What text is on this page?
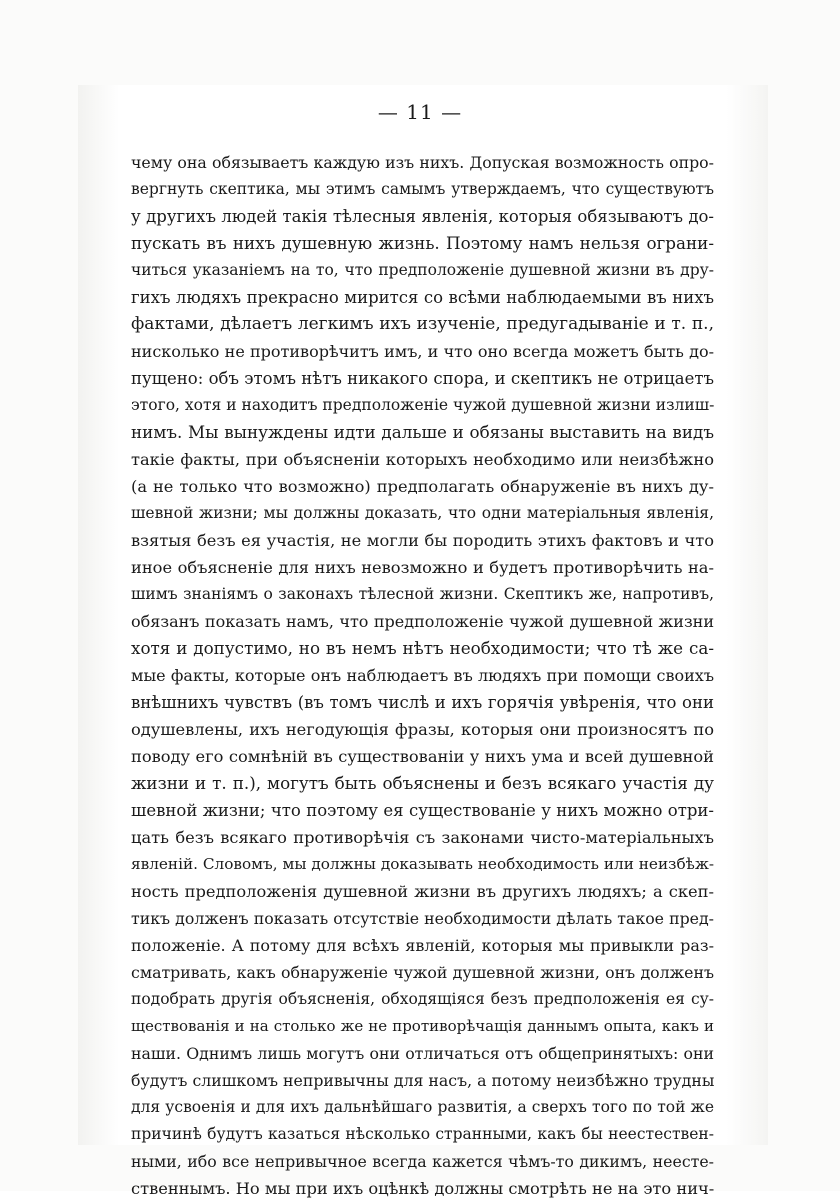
— 11 —
чему она обязываетъ каждую изъ нихъ. Допуская возможность опро-
вергнуть скептика, мы этимъ самымъ утверждаемъ, что существуютъ
у другихъ людей такiя тѣлесныя явленiя, которыя обязываютъ до-
пускать въ нихъ душевную жизнь. Поэтому намъ нельзя ограни-
читься указанiемъ на то, что предположенiе душевной жизни въ дру-
гихъ людяхъ прекрасно мирится со всѣми наблюдаемыми въ нихъ
фактами, дѣлаетъ легкимъ ихъ изученiе, предугадыванiе и т. п.,
нисколько не противорѣчитъ имъ, и что оно всегда можетъ быть до-
пущено: объ этомъ нѣтъ никакого спора, и скептикъ не отрицаетъ
этого, хотя и находитъ предположенiе чужой душевной жизни излиш-
нимъ. Мы вынуждены идти дальше и обязаны выставить на видъ
такiе факты, при объясненiи которыхъ необходимо или неизбѣжно
(а не только что возможно) предполагать обнаруженiе въ нихъ ду-
шевной жизни; мы должны доказать, что одни матерiальныя явленiя,
взятыя безъ ея участiя, не могли бы породить этихъ фактовъ и что
иное объясненiе для нихъ невозможно и будетъ противорѣчить на-
шимъ знанiямъ о законахъ тѣлесной жизни. Скептикъ же, напротивъ,
обязанъ показать намъ, что предположенiе чужой душевной жизни
хотя и допустимо, но въ немъ нѣтъ необходимости; что тѣ же са-
мые факты, которые онъ наблюдаетъ въ людяхъ при помощи своихъ
внѣшнихъ чувствъ (въ томъ числѣ и ихъ горячiя увѣренiя, что они
одушевлены, ихъ негодующiя фразы, которыя они произносятъ по
поводу его сомнѣнiй въ существованiи у нихъ ума и всей душевной
жизни и т. п.), могутъ быть объяснены и безъ всякаго участiя ду
шевной жизни; что поэтому ея существованiе у нихъ можно отри-
цать безъ всякаго противорѣчiя съ законами чисто-матерiальныхъ
явленiй. Словомъ, мы должны доказывать необходимость или неизбѣж-
ность предположенiя душевной жизни въ другихъ людяхъ; а скеп-
тикъ долженъ показать отсутствiе необходимости дѣлать такое пред-
положенiе. А потому для всѣхъ явленiй, которыя мы привыкли раз-
сматривать, какъ обнаруженiе чужой душевной жизни, онъ долженъ
подобрать другiя объясненiя, обходящiяся безъ предположенiя ея су-
ществованiя и на столько же не противорѣчащiя даннымъ опыта, какъ и
наши. Однимъ лишь могутъ они отличаться отъ общепринятыхъ: они
будутъ слишкомъ непривычны для насъ, а потому неизбѣжно трудны
для усвоенiя и для ихъ дальнѣйшаго развитiя, а сверхъ того по той же
причинѣ будутъ казаться нѣсколько странными, какъ бы неестествен-
ными, ибо все непривычное всегда кажется чѣмъ-то дикимъ, неесте-
ственнымъ. Но мы при ихъ оцѣнкѣ должны смотрѣть не на это нич-
